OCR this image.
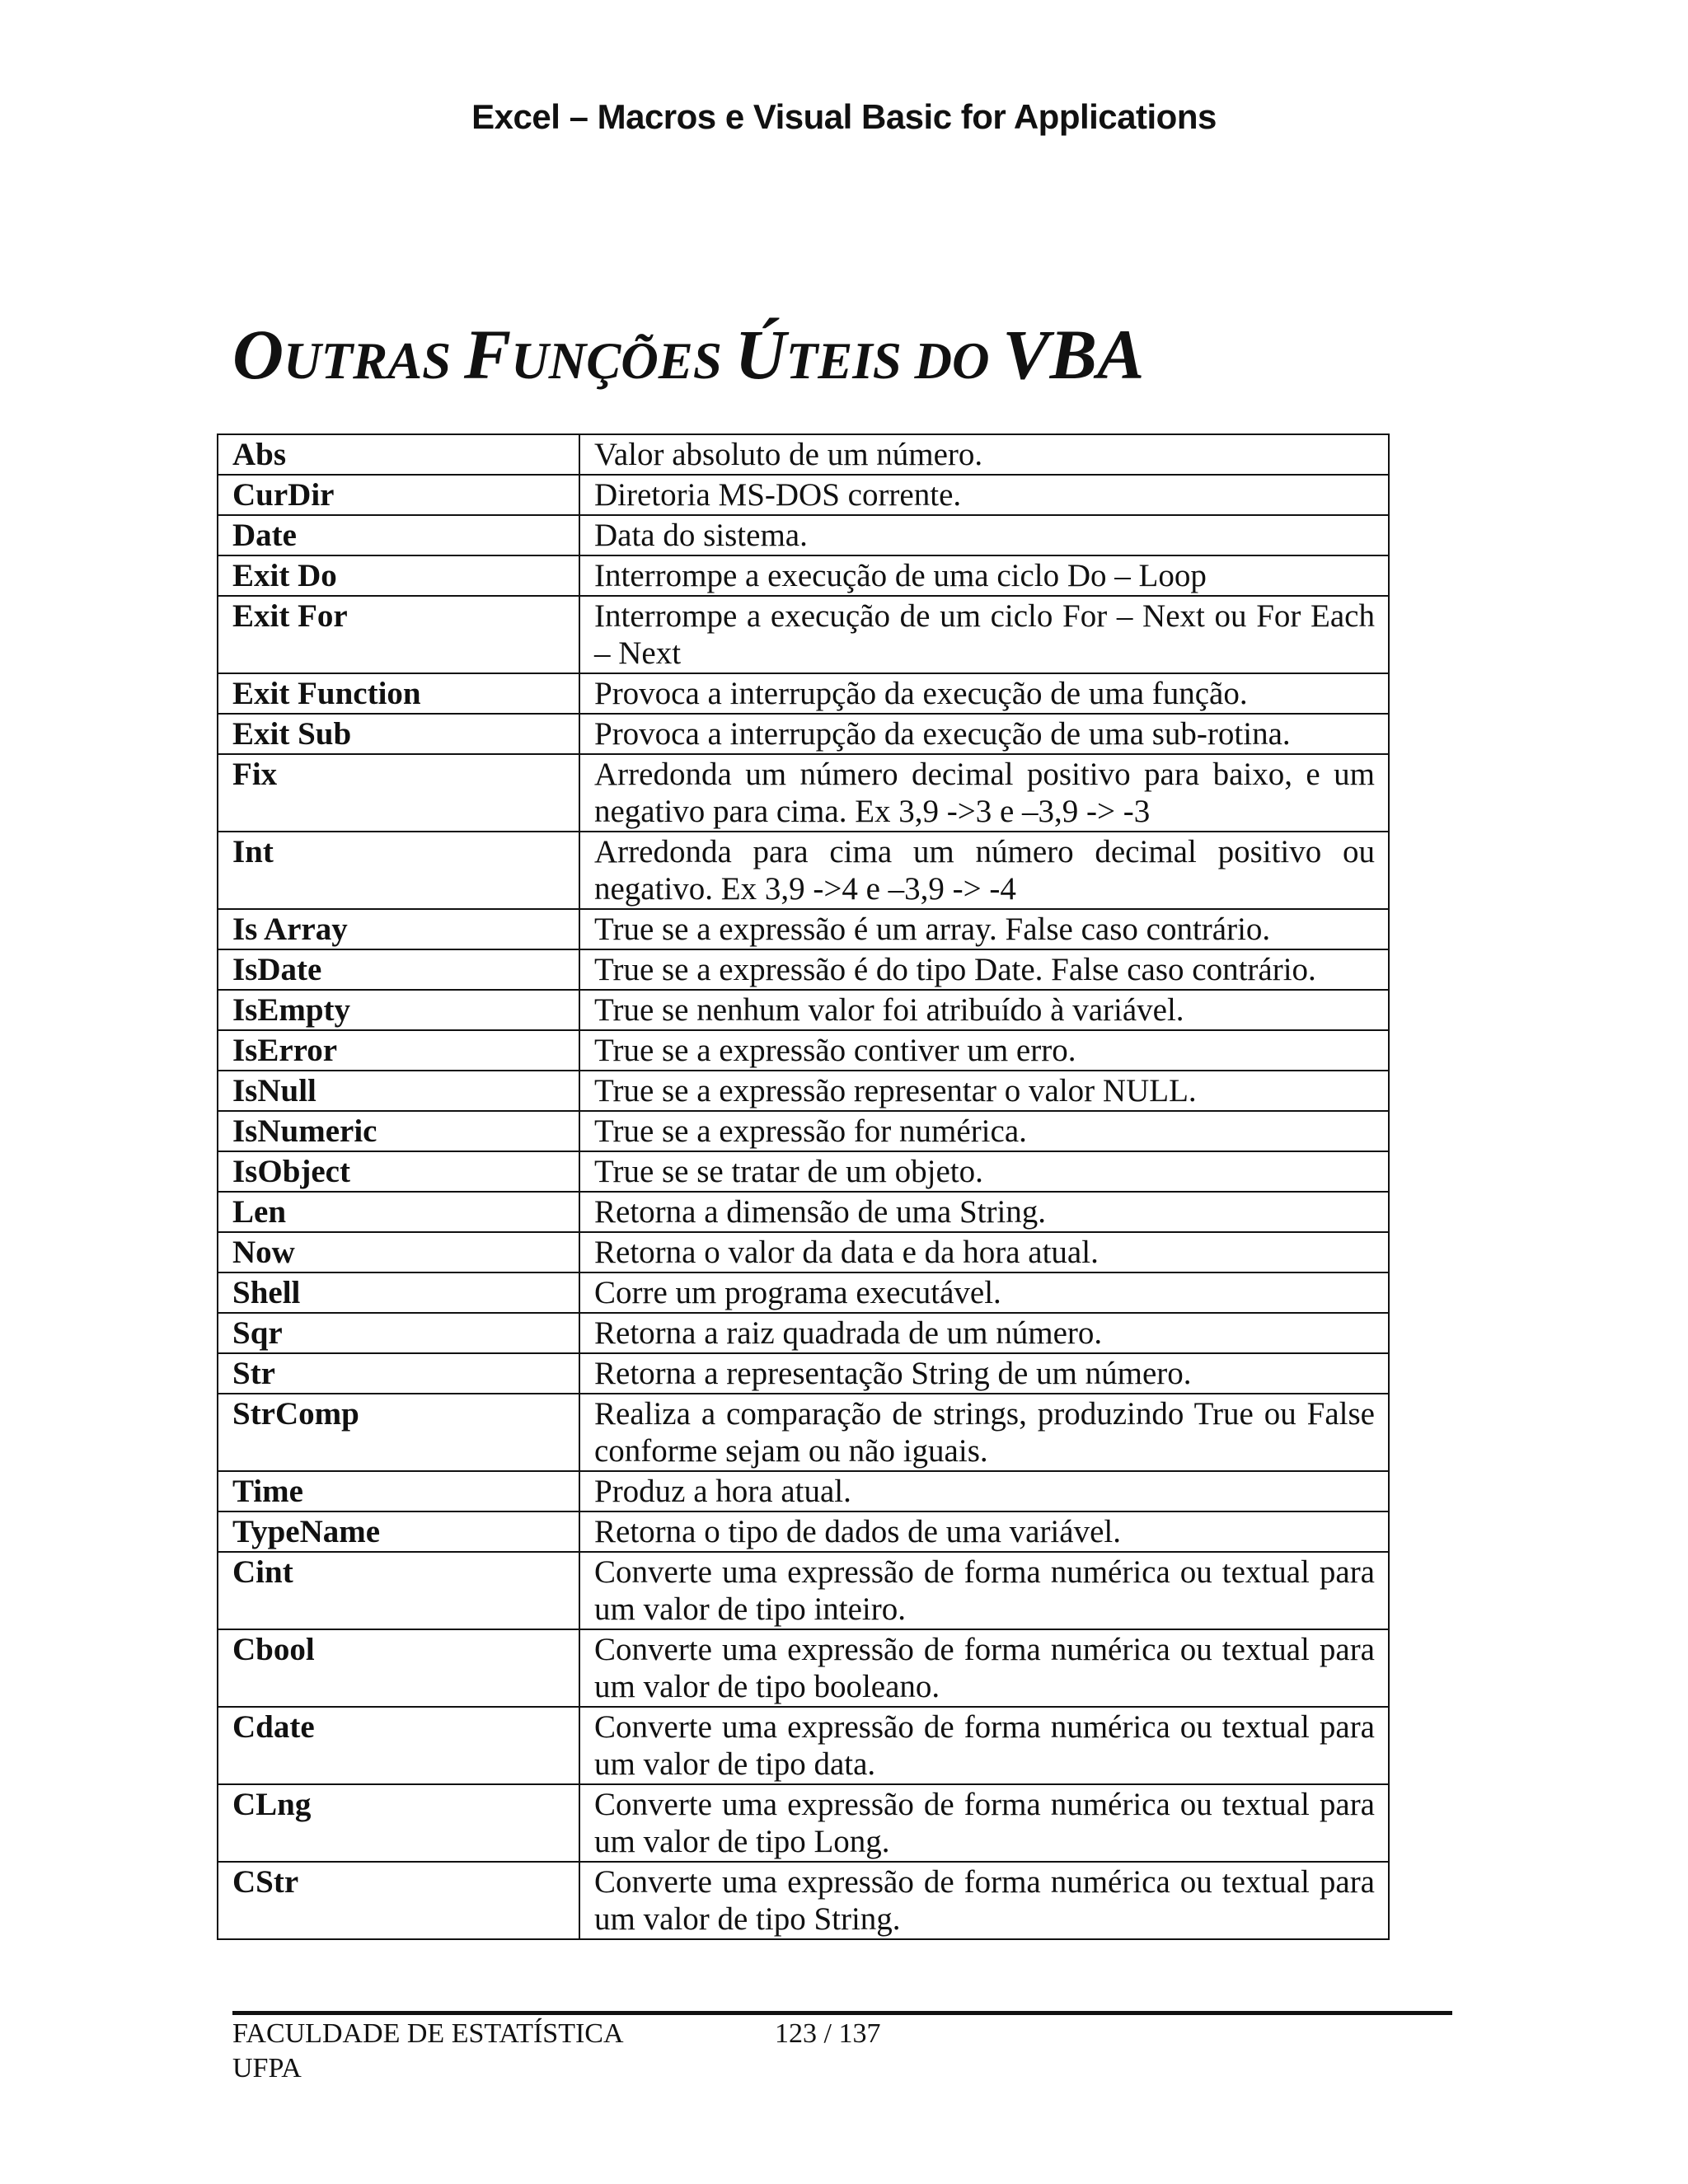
Excel – Macros e Visual Basic for Applications
OUTRAS FUNÇÕES ÚTEIS DO VBA
Abs	Valor absoluto de um número.
CurDir	Diretoria MS-DOS corrente.
Date	Data do sistema.
Exit Do	Interrompe a execução de uma ciclo Do – Loop
Exit For	Interrompe a execução de um ciclo For – Next ou For Each – Next
Exit Function	Provoca a interrupção da execução de uma função.
Exit Sub	Provoca a interrupção da execução de uma sub-rotina.
Fix	Arredonda um número decimal positivo para baixo, e um negativo para cima. Ex 3,9 ->3 e –3,9 -> -3
Int	Arredonda para cima um número decimal positivo ou negativo. Ex 3,9 ->4 e –3,9 -> -4
Is Array	True se a expressão é um array. False caso contrário.
IsDate	True se a expressão é do tipo Date. False caso contrário.
IsEmpty	True se nenhum valor foi atribuído à variável.
IsError	True se a expressão contiver um erro.
IsNull	True se a expressão representar o valor NULL.
IsNumeric	True se a expressão for numérica.
IsObject	True se se tratar de um objeto.
Len	Retorna a dimensão de uma String.
Now	Retorna o valor da data e da hora atual.
Shell	Corre um programa executável.
Sqr	Retorna a raiz quadrada de um número.
Str	Retorna a representação String de um número.
StrComp	Realiza a comparação de strings, produzindo True ou False conforme sejam ou não iguais.
Time	Produz a hora atual.
TypeName	Retorna o tipo de dados de uma variável.
Cint	Converte uma expressão de forma numérica ou textual para um valor de tipo inteiro.
Cbool	Converte uma expressão de forma numérica ou textual para um valor de tipo booleano.
Cdate	Converte uma expressão de forma numérica ou textual para um valor de tipo data.
CLng	Converte uma expressão de forma numérica ou textual para um valor de tipo Long.
CStr	Converte uma expressão de forma numérica ou textual para um valor de tipo String.
FACULDADE DE ESTATÍSTICA	123 / 137
UFPA
